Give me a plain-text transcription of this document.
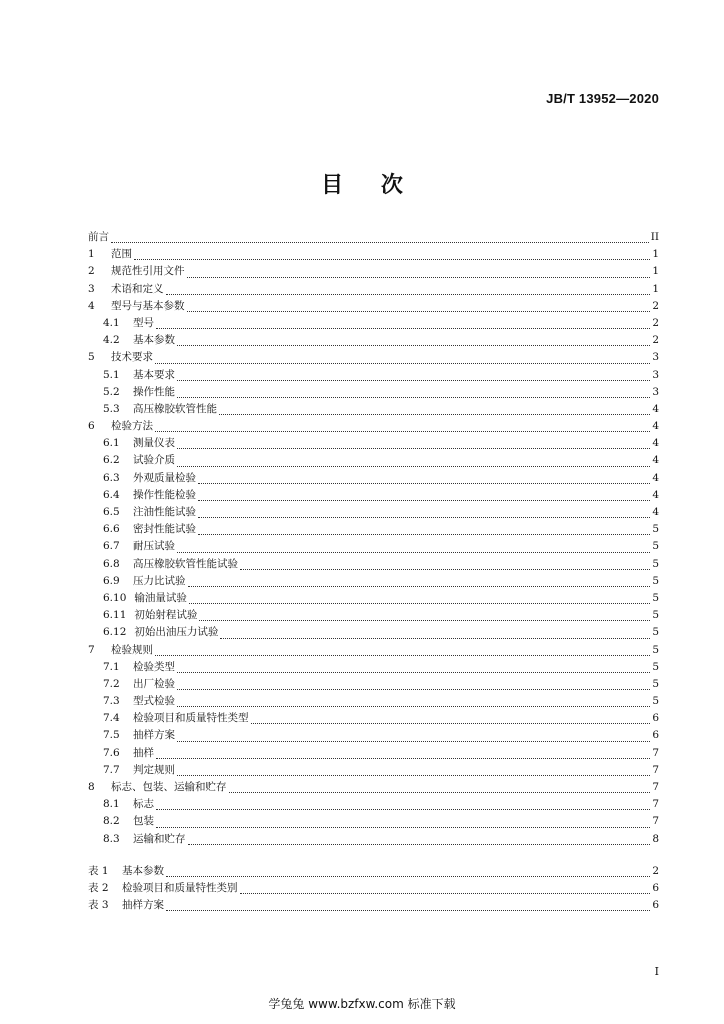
JB/T 13952—2020
目 次
前言	II
1	范围	1
2	规范性引用文件	1
3	术语和定义	1
4	型号与基本参数	2
4.1	型号	2
4.2	基本参数	2
5	技术要求	3
5.1	基本要求	3
5.2	操作性能	3
5.3	高压橡胶软管性能	4
6	检验方法	4
6.1	测量仪表	4
6.2	试验介质	4
6.3	外观质量检验	4
6.4	操作性能检验	4
6.5	注油性能试验	4
6.6	密封性能试验	5
6.7	耐压试验	5
6.8	高压橡胶软管性能试验	5
6.9	压力比试验	5
6.10 输油量试验	5
6.11 初始射程试验	5
6.12 初始出油压力试验	5
7	检验规则	5
7.1	检验类型	5
7.2	出厂检验	5
7.3	型式检验	5
7.4	检验项目和质量特性类型	6
7.5	抽样方案	6
7.6	抽样	7
7.7	判定规则	7
8	标志、包装、运输和贮存	7
8.1	标志	7
8.2	包装	7
8.3	运输和贮存	8
表 1	基本参数	2
表 2	检验项目和质量特性类别	6
表 3	抽样方案	6
I
学兔兔 www.bzfxw.com 标准下载
